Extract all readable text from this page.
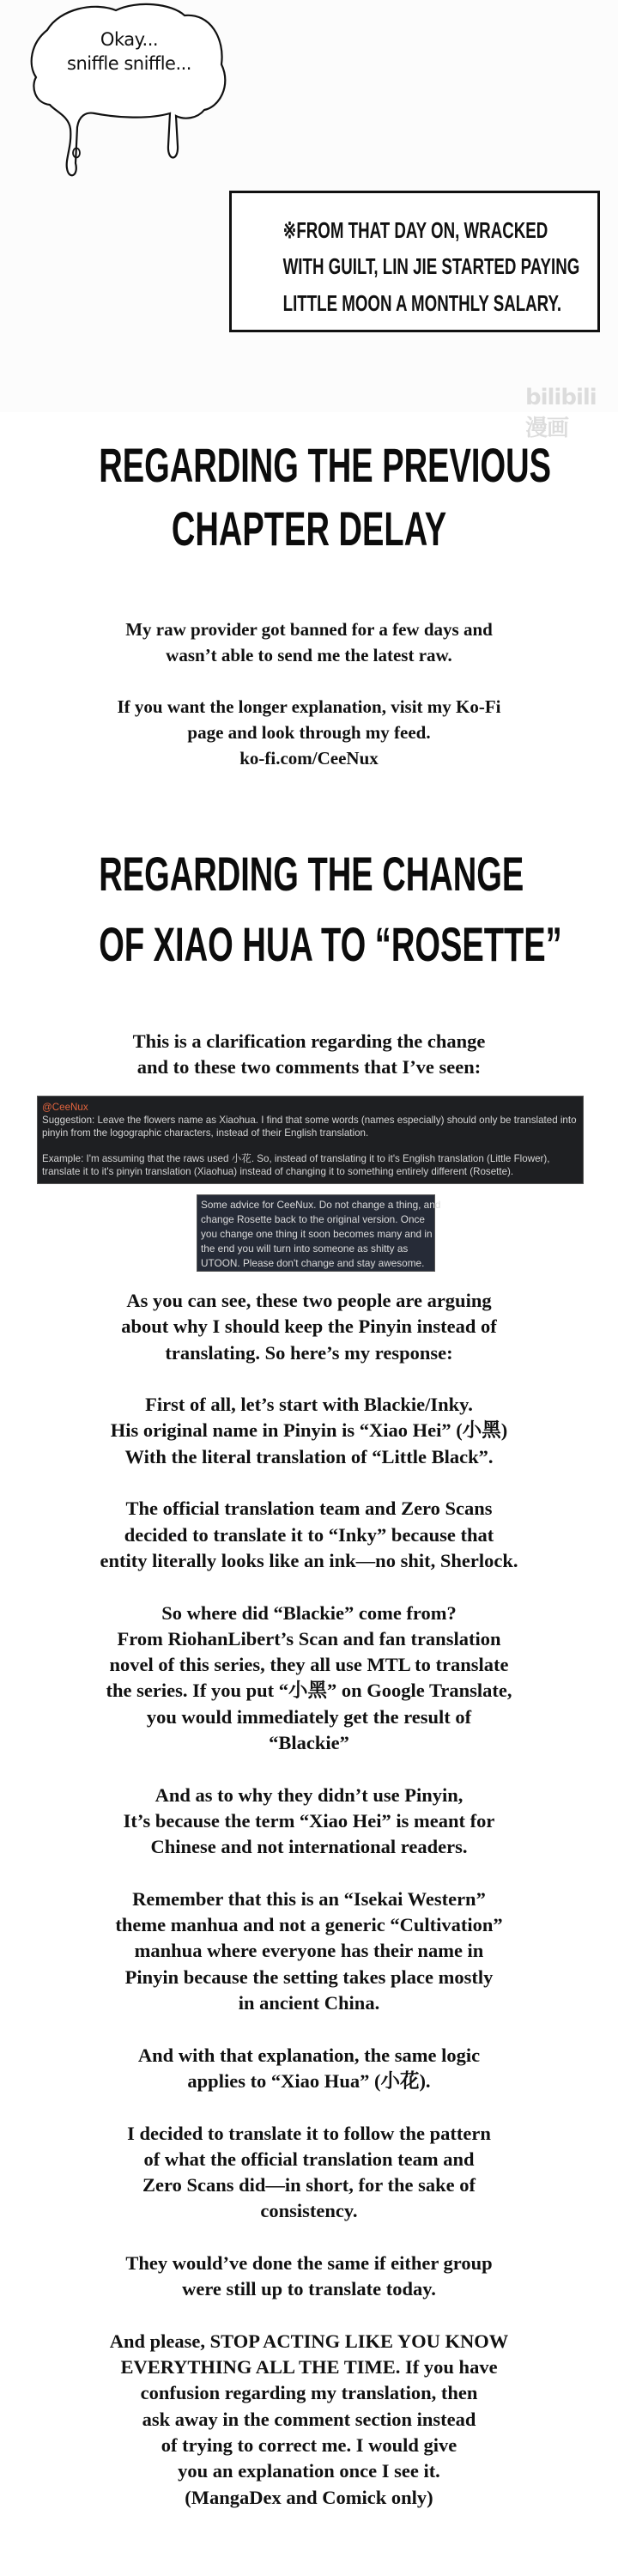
Okay...
sniffle sniffle...
※FROM THAT DAY ON, WRACKED
WITH GUILT, LIN JIE STARTED PAYING
LITTLE MOON A MONTHLY SALARY.
bilibili 漫画
REGARDING THE PREVIOUS
CHAPTER DELAY
My raw provider got banned for a few days and
wasn’t able to send me the latest raw.
If you want the longer explanation, visit my Ko-Fi
page and look through my feed.
ko-fi.com/CeeNux
REGARDING THE CHANGE
OF XIAO HUA TO “ROSETTE”
This is a clarification regarding the change
and to these two comments that I’ve seen:
@CeeNux
Suggestion: Leave the flowers name as Xiaohua. I find that some words (names especially) should only be translated into
pinyin from the logographic characters, instead of their English translation.
Example: I'm assuming that the raws used 小花. So, instead of translating it to it's English translation (Little Flower),
translate it to it's pinyin translation (Xiaohua) instead of changing it to something entirely different (Rosette).
Some advice for CeeNux. Do not change a thing, and
change Rosette back to the original version. Once
you change one thing it soon becomes many and in
the end you will turn into someone as shitty as
UTOON. Please don't change and stay awesome.
As you can see, these two people are arguing
about why I should keep the Pinyin instead of
translating. So here’s my response:
First of all, let’s start with Blackie/Inky.
His original name in Pinyin is “Xiao Hei” (小黑)
With the literal translation of “Little Black”.
The official translation team and Zero Scans
decided to translate it to “Inky” because that
entity literally looks like an ink—no shit, Sherlock.
So where did “Blackie” come from?
From RiohanLibert’s Scan and fan translation
novel of this series, they all use MTL to translate
the series. If you put “小黑” on Google Translate,
you would immediately get the result of
“Blackie”
And as to why they didn’t use Pinyin,
It’s because the term “Xiao Hei” is meant for
Chinese and not international readers.
Remember that this is an “Isekai Western”
theme manhua and not a generic “Cultivation”
manhua where everyone has their name in
Pinyin because the setting takes place mostly
in ancient China.
And with that explanation, the same logic
applies to “Xiao Hua” (小花).
I decided to translate it to follow the pattern
of what the official translation team and
Zero Scans did—in short, for the sake of
consistency.
They would’ve done the same if either group
were still up to translate today.
And please, STOP ACTING LIKE YOU KNOW
EVERYTHING ALL THE TIME. If you have
confusion regarding my translation, then
ask away in the comment section instead
of trying to correct me. I would give
you an explanation once I see it.
(MangaDex and Comick only)
